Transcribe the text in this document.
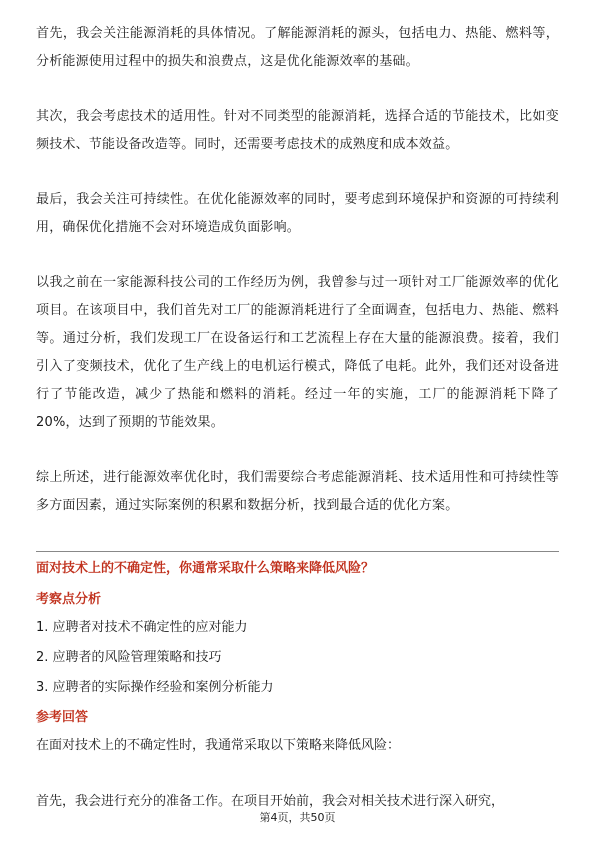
首先，我会关注能源消耗的具体情况。了解能源消耗的源头，包括电力、热能、燃料等，分析能源使用过程中的损失和浪费点，这是优化能源效率的基础。

其次，我会考虑技术的适用性。针对不同类型的能源消耗，选择合适的节能技术，比如变频技术、节能设备改造等。同时，还需要考虑技术的成熟度和成本效益。

最后，我会关注可持续性。在优化能源效率的同时，要考虑到环境保护和资源的可持续利用，确保优化措施不会对环境造成负面影响。

以我之前在一家能源科技公司的工作经历为例，我曾参与过一项针对工厂能源效率的优化项目。在该项目中，我们首先对工厂的能源消耗进行了全面调查，包括电力、热能、燃料等。通过分析，我们发现工厂在设备运行和工艺流程上存在大量的能源浪费。接着，我们引入了变频技术，优化了生产线上的电机运行模式，降低了电耗。此外，我们还对设备进行了节能改造，减少了热能和燃料的消耗。经过一年的实施，工厂的能源消耗下降了20%，达到了预期的节能效果。

综上所述，进行能源效率优化时，我们需要综合考虑能源消耗、技术适用性和可持续性等多方面因素，通过实际案例的积累和数据分析，找到最合适的优化方案。

面对技术上的不确定性，你通常采取什么策略来降低风险？

考察点分析

1. 应聘者对技术不确定性的应对能力

2. 应聘者的风险管理策略和技巧

3. 应聘者的实际操作经验和案例分析能力

参考回答

在面对技术上的不确定性时，我通常采取以下策略来降低风险：

首先，我会进行充分的准备工作。在项目开始前，我会对相关技术进行深入研究，

第4页，共50页
